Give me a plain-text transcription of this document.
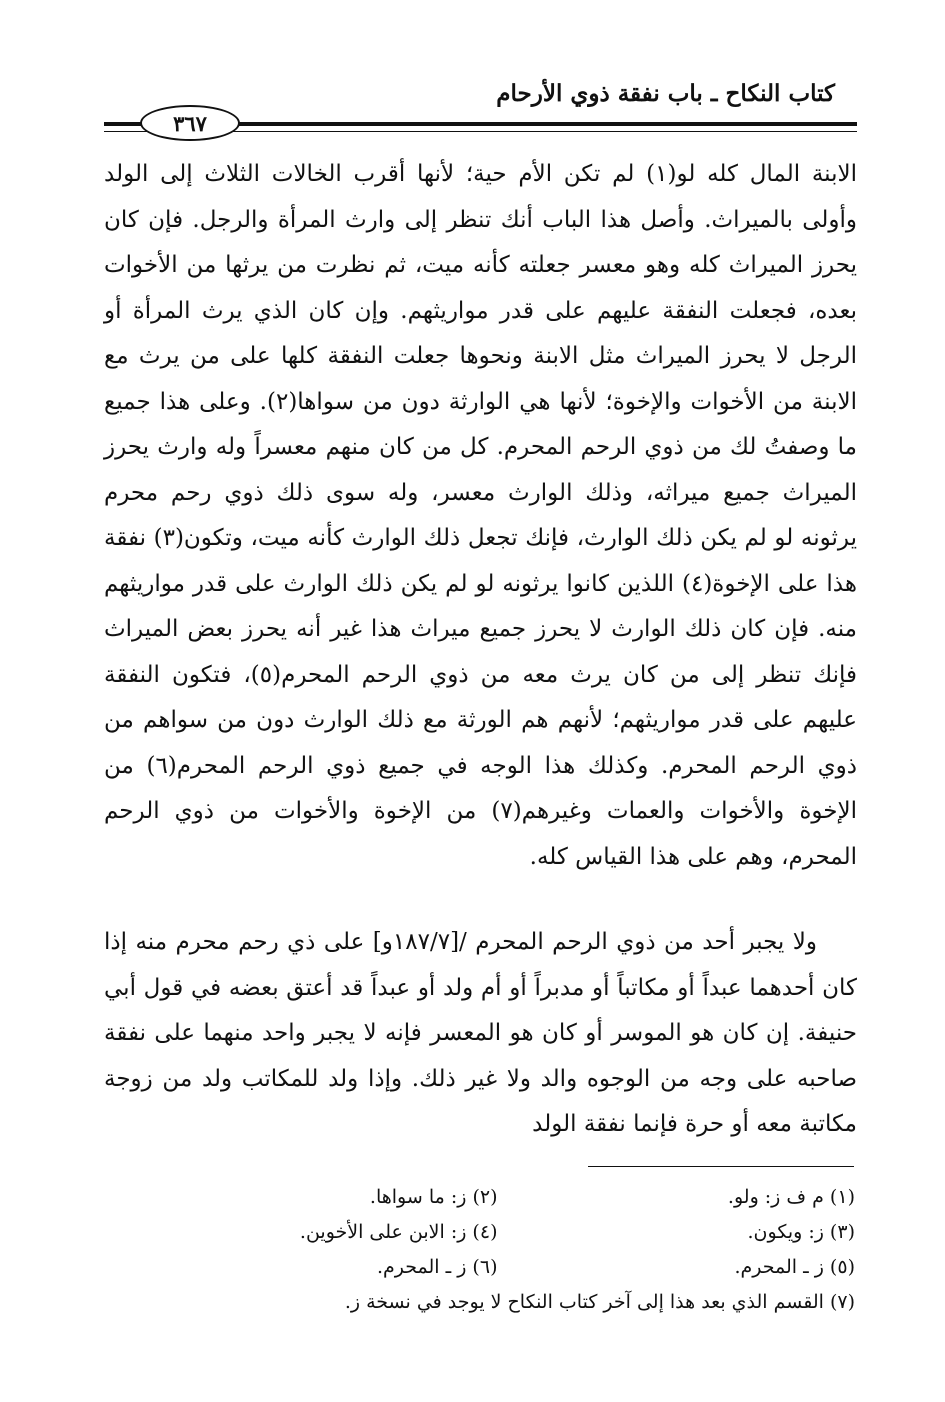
كتاب النكاح ـ باب نفقة ذوي الأرحام
٣٦٧

الابنة المال كله لو(١) لم تكن الأم حية؛ لأنها أقرب الخالات الثلاث إلى الولد وأولى بالميراث. وأصل هذا الباب أنك تنظر إلى وارث المرأة والرجل. فإن كان يحرز الميراث كله وهو معسر جعلته كأنه ميت، ثم نظرت من يرثها من الأخوات بعده، فجعلت النفقة عليهم على قدر مواريثهم. وإن كان الذي يرث المرأة أو الرجل لا يحرز الميراث مثل الابنة ونحوها جعلت النفقة كلها على من يرث مع الابنة من الأخوات والإخوة؛ لأنها هي الوارثة دون من سواها(٢). وعلى هذا جميع ما وصفتُ لك من ذوي الرحم المحرم. كل من كان منهم معسراً وله وارث يحرز الميراث جميع ميراثه، وذلك الوارث معسر، وله سوى ذلك ذوي رحم محرم يرثونه لو لم يكن ذلك الوارث، فإنك تجعل ذلك الوارث كأنه ميت، وتكون(٣) نفقة هذا على الإخوة(٤) اللذين كانوا يرثونه لو لم يكن ذلك الوارث على قدر مواريثهم منه. فإن كان ذلك الوارث لا يحرز جميع ميراث هذا غير أنه يحرز بعض الميراث فإنك تنظر إلى من كان يرث معه من ذوي الرحم المحرم(٥)، فتكون النفقة عليهم على قدر مواريثهم؛ لأنهم هم الورثة مع ذلك الوارث دون من سواهم من ذوي الرحم المحرم. وكذلك هذا الوجه في جميع ذوي الرحم المحرم(٦) من الإخوة والأخوات والعمات وغيرهم(٧) من الإخوة والأخوات من ذوي الرحم المحرم، وهم على هذا القياس كله.

ولا يجبر أحد من ذوي الرحم المحرم /[١٨٧/٧و] على ذي رحم محرم منه إذا كان أحدهما عبداً أو مكاتباً أو مدبراً أو أم ولد أو عبداً قد أعتق بعضه في قول أبي حنيفة. إن كان هو الموسر أو كان هو المعسر فإنه لا يجبر واحد منهما على نفقة صاحبه على وجه من الوجوه والد ولا غير ذلك. وإذا ولد للمكاتب ولد من زوجة مكاتبة معه أو حرة فإنما نفقة الولد

(١) م ف ز: ولو.
(٢) ز: ما سواها.
(٣) ز: ويكون.
(٤) ز: الابن على الأخوين.
(٥) ز ـ المحرم.
(٦) ز ـ المحرم.
(٧) القسم الذي بعد هذا إلى آخر كتاب النكاح لا يوجد في نسخة ز.
